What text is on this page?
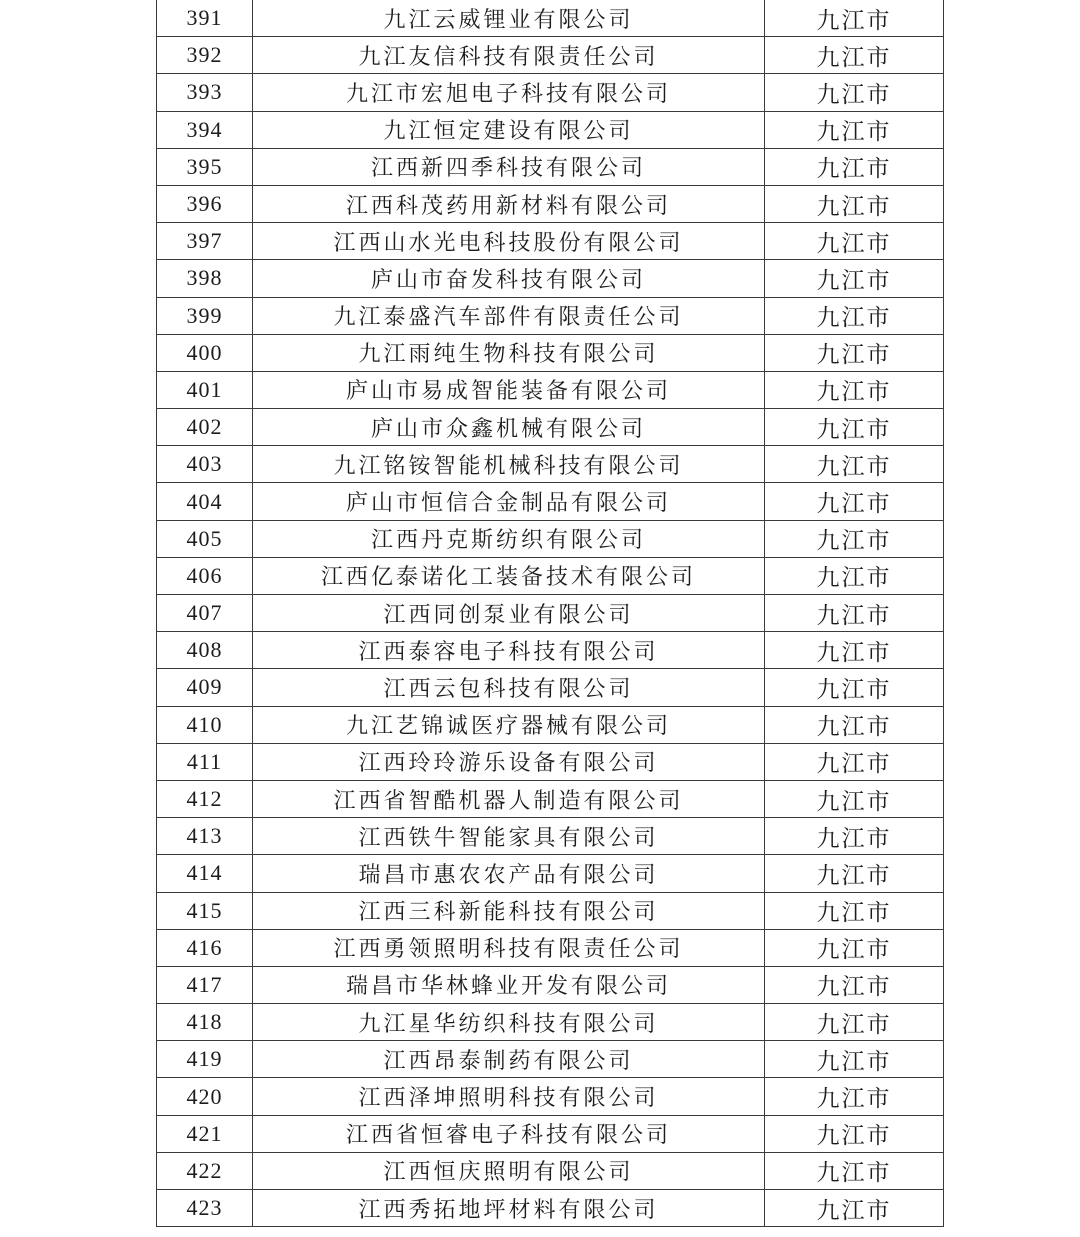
391	九江云威锂业有限公司	九江市
392	九江友信科技有限责任公司	九江市
393	九江市宏旭电子科技有限公司	九江市
394	九江恒定建设有限公司	九江市
395	江西新四季科技有限公司	九江市
396	江西科茂药用新材料有限公司	九江市
397	江西山水光电科技股份有限公司	九江市
398	庐山市奋发科技有限公司	九江市
399	九江泰盛汽车部件有限责任公司	九江市
400	九江雨纯生物科技有限公司	九江市
401	庐山市易成智能装备有限公司	九江市
402	庐山市众鑫机械有限公司	九江市
403	九江铭铵智能机械科技有限公司	九江市
404	庐山市恒信合金制品有限公司	九江市
405	江西丹克斯纺织有限公司	九江市
406	江西亿泰诺化工装备技术有限公司	九江市
407	江西同创泵业有限公司	九江市
408	江西泰容电子科技有限公司	九江市
409	江西云包科技有限公司	九江市
410	九江艺锦诚医疗器械有限公司	九江市
411	江西玲玲游乐设备有限公司	九江市
412	江西省智酷机器人制造有限公司	九江市
413	江西铁牛智能家具有限公司	九江市
414	瑞昌市惠农农产品有限公司	九江市
415	江西三科新能科技有限公司	九江市
416	江西勇领照明科技有限责任公司	九江市
417	瑞昌市华林蜂业开发有限公司	九江市
418	九江星华纺织科技有限公司	九江市
419	江西昂泰制药有限公司	九江市
420	江西泽坤照明科技有限公司	九江市
421	江西省恒睿电子科技有限公司	九江市
422	江西恒庆照明有限公司	九江市
423	江西秀拓地坪材料有限公司	九江市
